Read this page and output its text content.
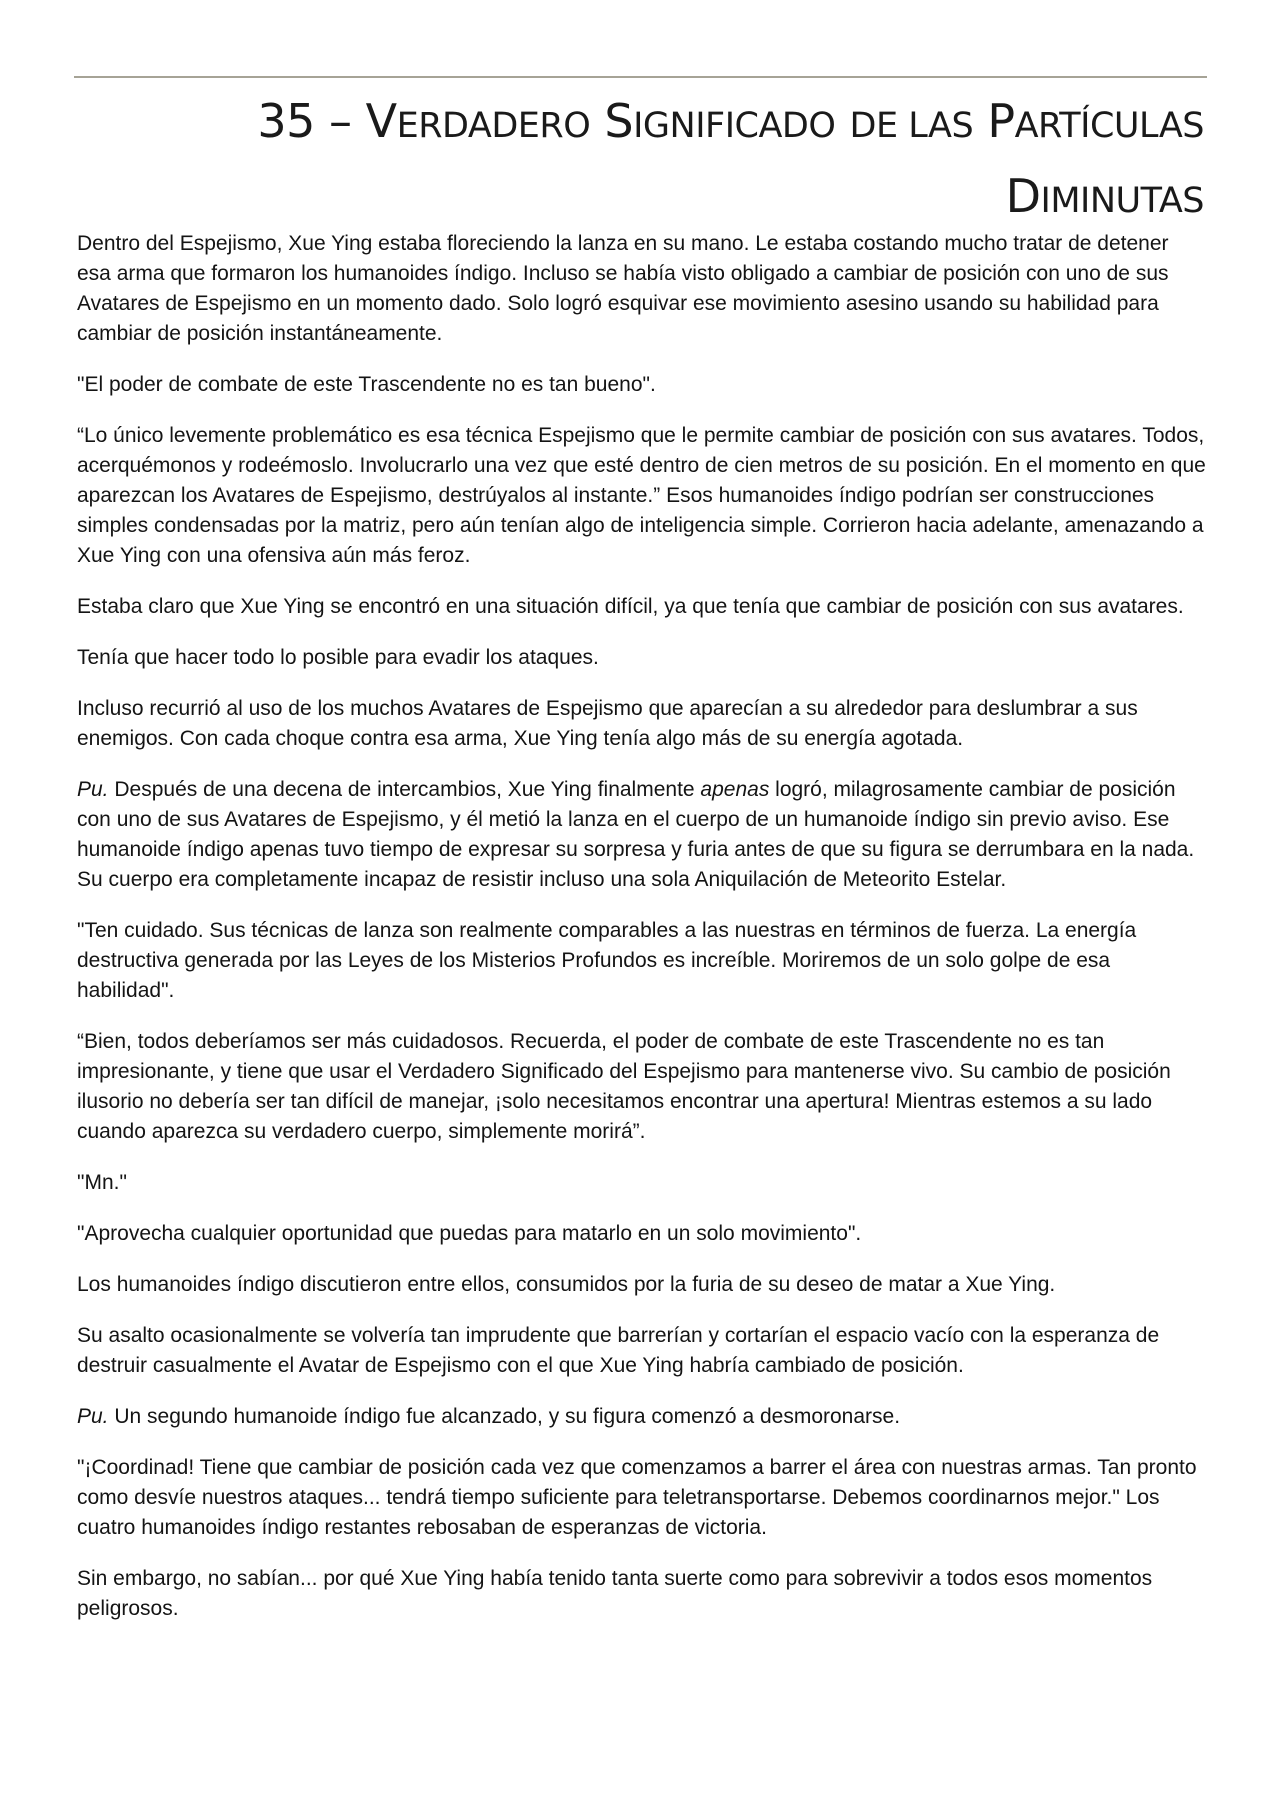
35 – VERDADERO SIGNIFICADO DE LAS PARTÍCULAS
DIMINUTAS

Dentro del Espejismo, Xue Ying estaba floreciendo la lanza en su mano. Le estaba costando mucho tratar de detener esa arma que formaron los humanoides índigo. Incluso se había visto obligado a cambiar de posición con uno de sus Avatares de Espejismo en un momento dado. Solo logró esquivar ese movimiento asesino usando su habilidad para cambiar de posición instantáneamente.

"El poder de combate de este Trascendente no es tan bueno".

“Lo único levemente problemático es esa técnica Espejismo que le permite cambiar de posición con sus avatares. Todos, acerquémonos y rodeémoslo. Involucrarlo una vez que esté dentro de cien metros de su posición. En el momento en que aparezcan los Avatares de Espejismo, destrúyalos al instante.” Esos humanoides índigo podrían ser construcciones simples condensadas por la matriz, pero aún tenían algo de inteligencia simple. Corrieron hacia adelante, amenazando a Xue Ying con una ofensiva aún más feroz.

Estaba claro que Xue Ying se encontró en una situación difícil, ya que tenía que cambiar de posición con sus avatares.

Tenía que hacer todo lo posible para evadir los ataques.

Incluso recurrió al uso de los muchos Avatares de Espejismo que aparecían a su alrededor para deslumbrar a sus enemigos. Con cada choque contra esa arma, Xue Ying tenía algo más de su energía agotada.

Pu. Después de una decena de intercambios, Xue Ying finalmente apenas logró, milagrosamente cambiar de posición con uno de sus Avatares de Espejismo, y él metió la lanza en el cuerpo de un humanoide índigo sin previo aviso. Ese humanoide índigo apenas tuvo tiempo de expresar su sorpresa y furia antes de que su figura se derrumbara en la nada. Su cuerpo era completamente incapaz de resistir incluso una sola Aniquilación de Meteorito Estelar.

"Ten cuidado. Sus técnicas de lanza son realmente comparables a las nuestras en términos de fuerza. La energía destructiva generada por las Leyes de los Misterios Profundos es increíble. Moriremos de un solo golpe de esa habilidad".

“Bien, todos deberíamos ser más cuidadosos. Recuerda, el poder de combate de este Trascendente no es tan impresionante, y tiene que usar el Verdadero Significado del Espejismo para mantenerse vivo. Su cambio de posición ilusorio no debería ser tan difícil de manejar, ¡solo necesitamos encontrar una apertura! Mientras estemos a su lado cuando aparezca su verdadero cuerpo, simplemente morirá”.

"Mn."

"Aprovecha cualquier oportunidad que puedas para matarlo en un solo movimiento".

Los humanoides índigo discutieron entre ellos, consumidos por la furia de su deseo de matar a Xue Ying.

Su asalto ocasionalmente se volvería tan imprudente que barrerían y cortarían el espacio vacío con la esperanza de destruir casualmente el Avatar de Espejismo con el que Xue Ying habría cambiado de posición.

Pu. Un segundo humanoide índigo fue alcanzado, y su figura comenzó a desmoronarse.

"¡Coordinad! Tiene que cambiar de posición cada vez que comenzamos a barrer el área con nuestras armas. Tan pronto como desvíe nuestros ataques... tendrá tiempo suficiente para teletransportarse. Debemos coordinarnos mejor." Los cuatro humanoides índigo restantes rebosaban de esperanzas de victoria.

Sin embargo, no sabían... por qué Xue Ying había tenido tanta suerte como para sobrevivir a todos esos momentos peligrosos.
